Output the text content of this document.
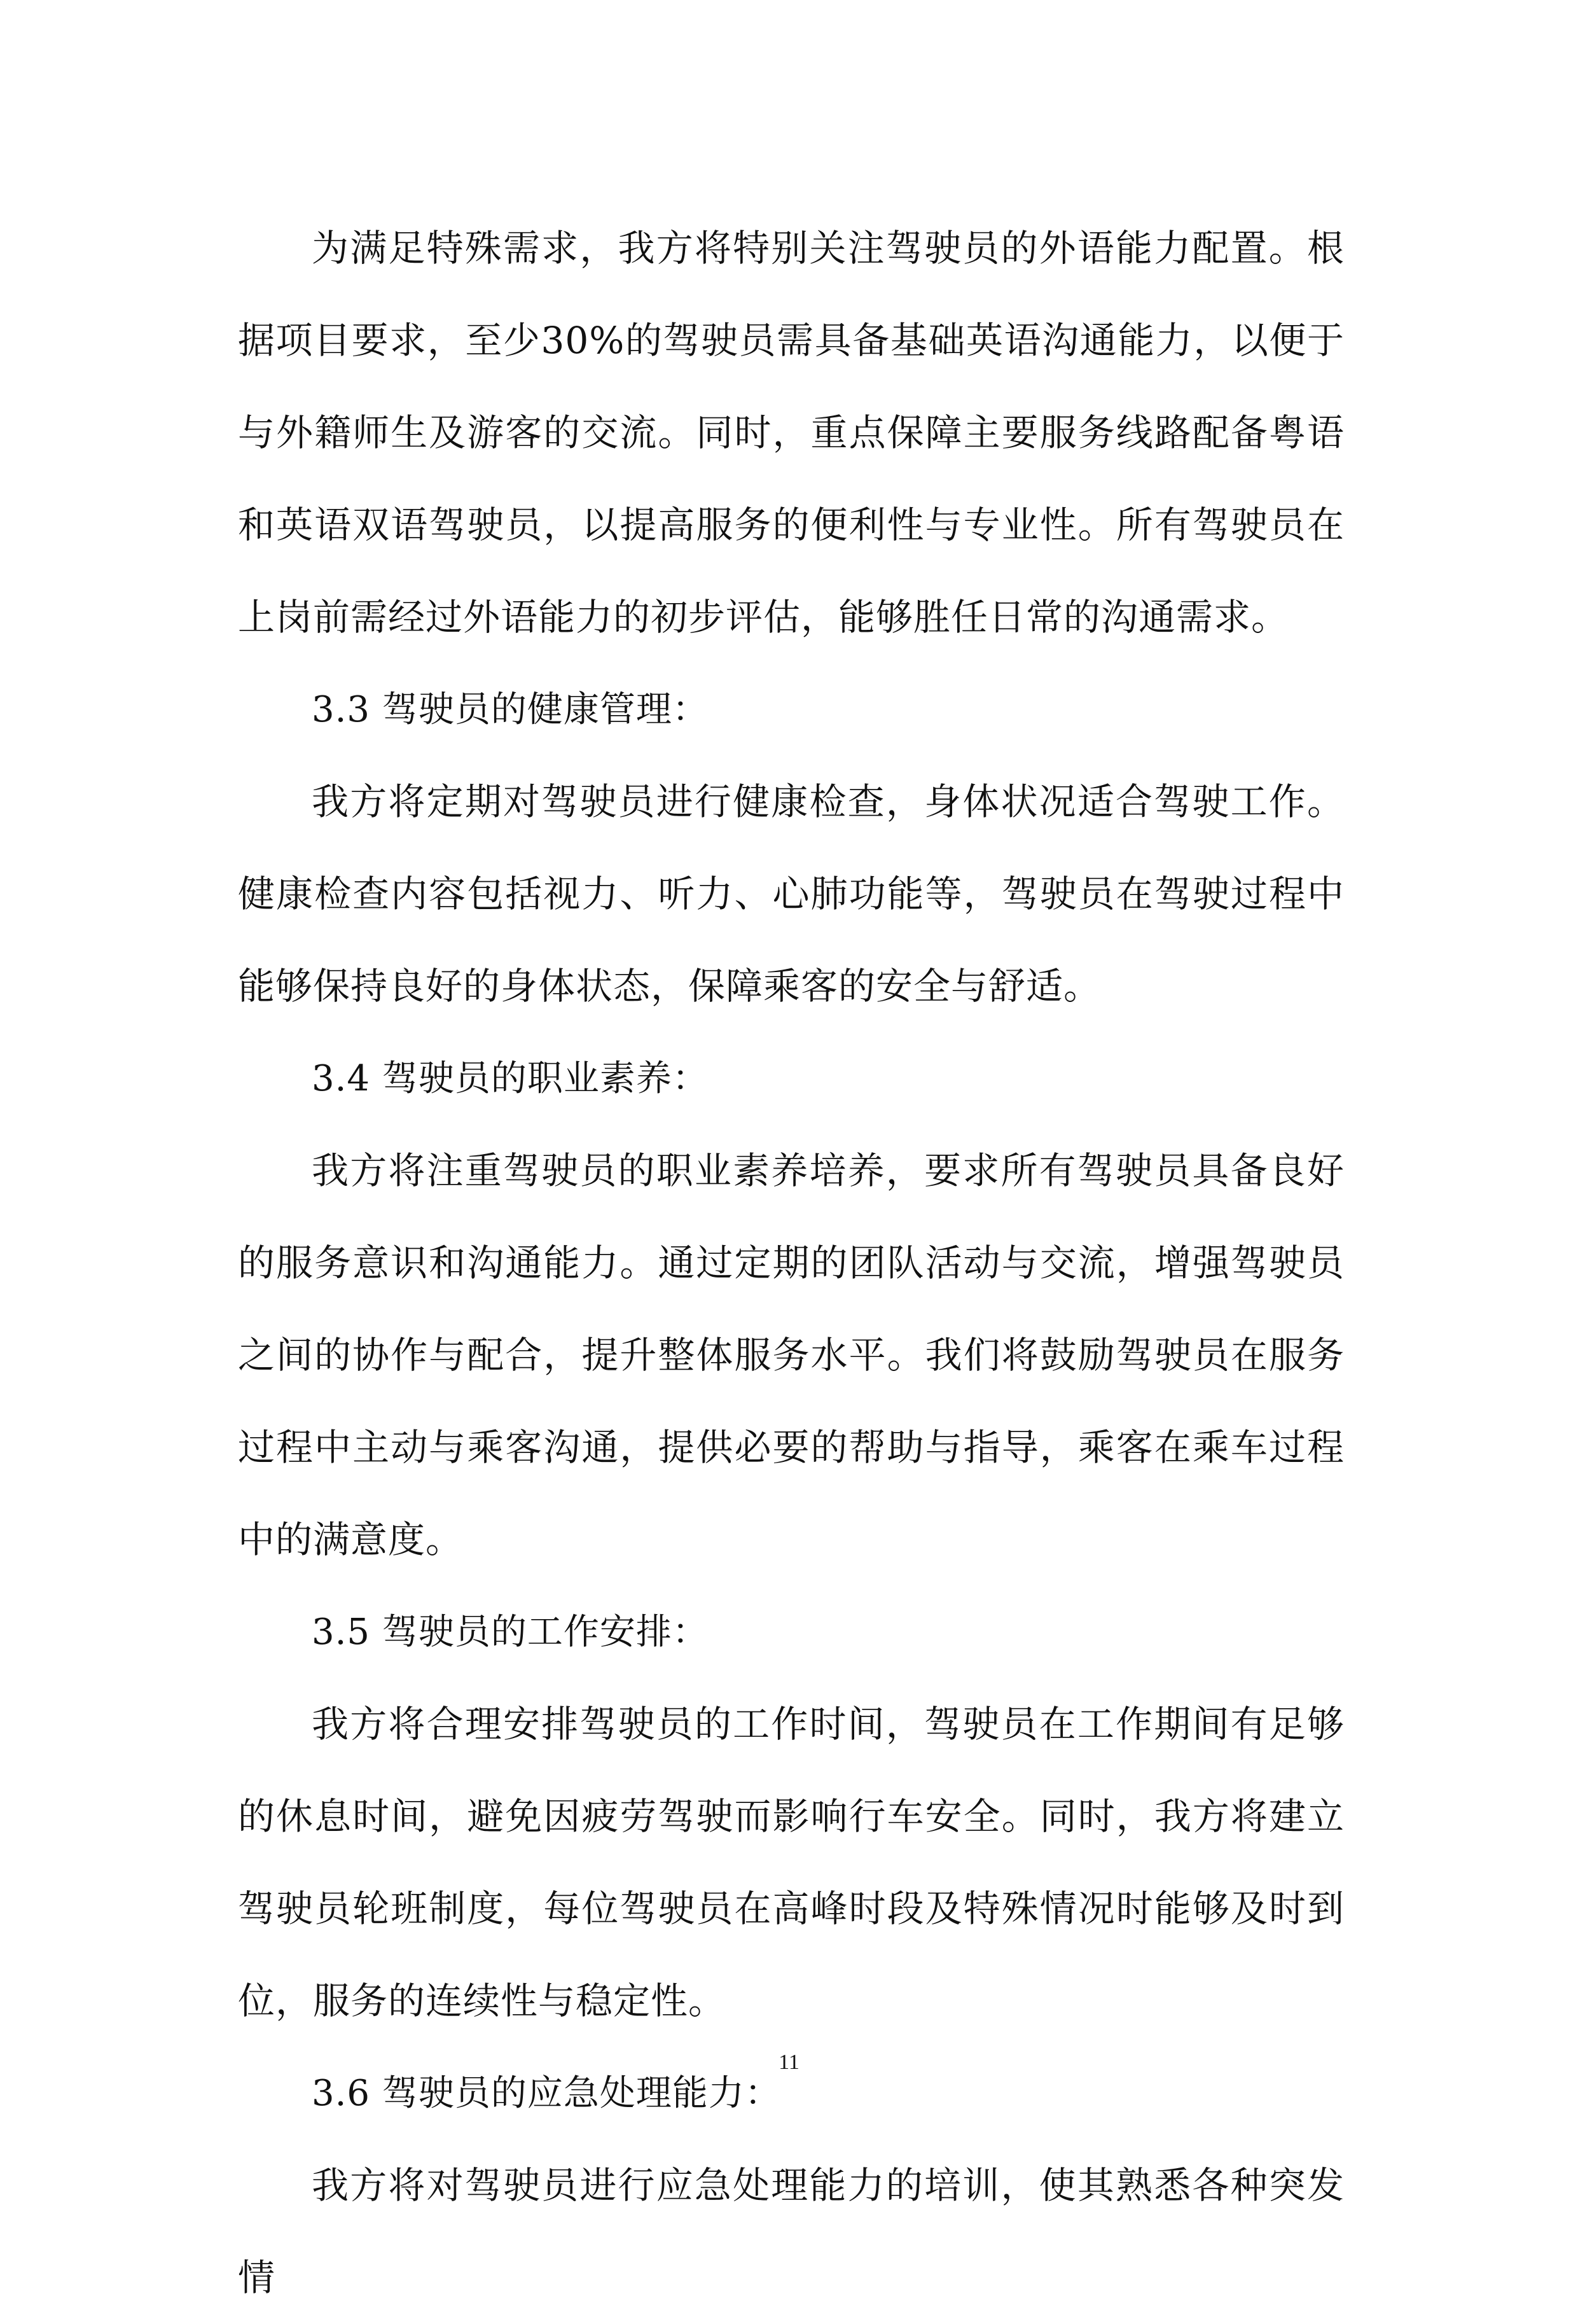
为满足特殊需求，我方将特别关注驾驶员的外语能力配置。根据项目要求，至少30%的驾驶员需具备基础英语沟通能力，以便于与外籍师生及游客的交流。同时，重点保障主要服务线路配备粤语和英语双语驾驶员，以提高服务的便利性与专业性。所有驾驶员在上岗前需经过外语能力的初步评估，能够胜任日常的沟通需求。

3.3 驾驶员的健康管理：

我方将定期对驾驶员进行健康检查，身体状况适合驾驶工作。健康检查内容包括视力、听力、心肺功能等，驾驶员在驾驶过程中能够保持良好的身体状态，保障乘客的安全与舒适。

3.4 驾驶员的职业素养：

我方将注重驾驶员的职业素养培养，要求所有驾驶员具备良好的服务意识和沟通能力。通过定期的团队活动与交流，增强驾驶员之间的协作与配合，提升整体服务水平。我们将鼓励驾驶员在服务过程中主动与乘客沟通，提供必要的帮助与指导，乘客在乘车过程中的满意度。

3.5 驾驶员的工作安排：

我方将合理安排驾驶员的工作时间，驾驶员在工作期间有足够的休息时间，避免因疲劳驾驶而影响行车安全。同时，我方将建立驾驶员轮班制度，每位驾驶员在高峰时段及特殊情况时能够及时到位，服务的连续性与稳定性。

3.6 驾驶员的应急处理能力：

我方将对驾驶员进行应急处理能力的培训，使其熟悉各种突发情

11
